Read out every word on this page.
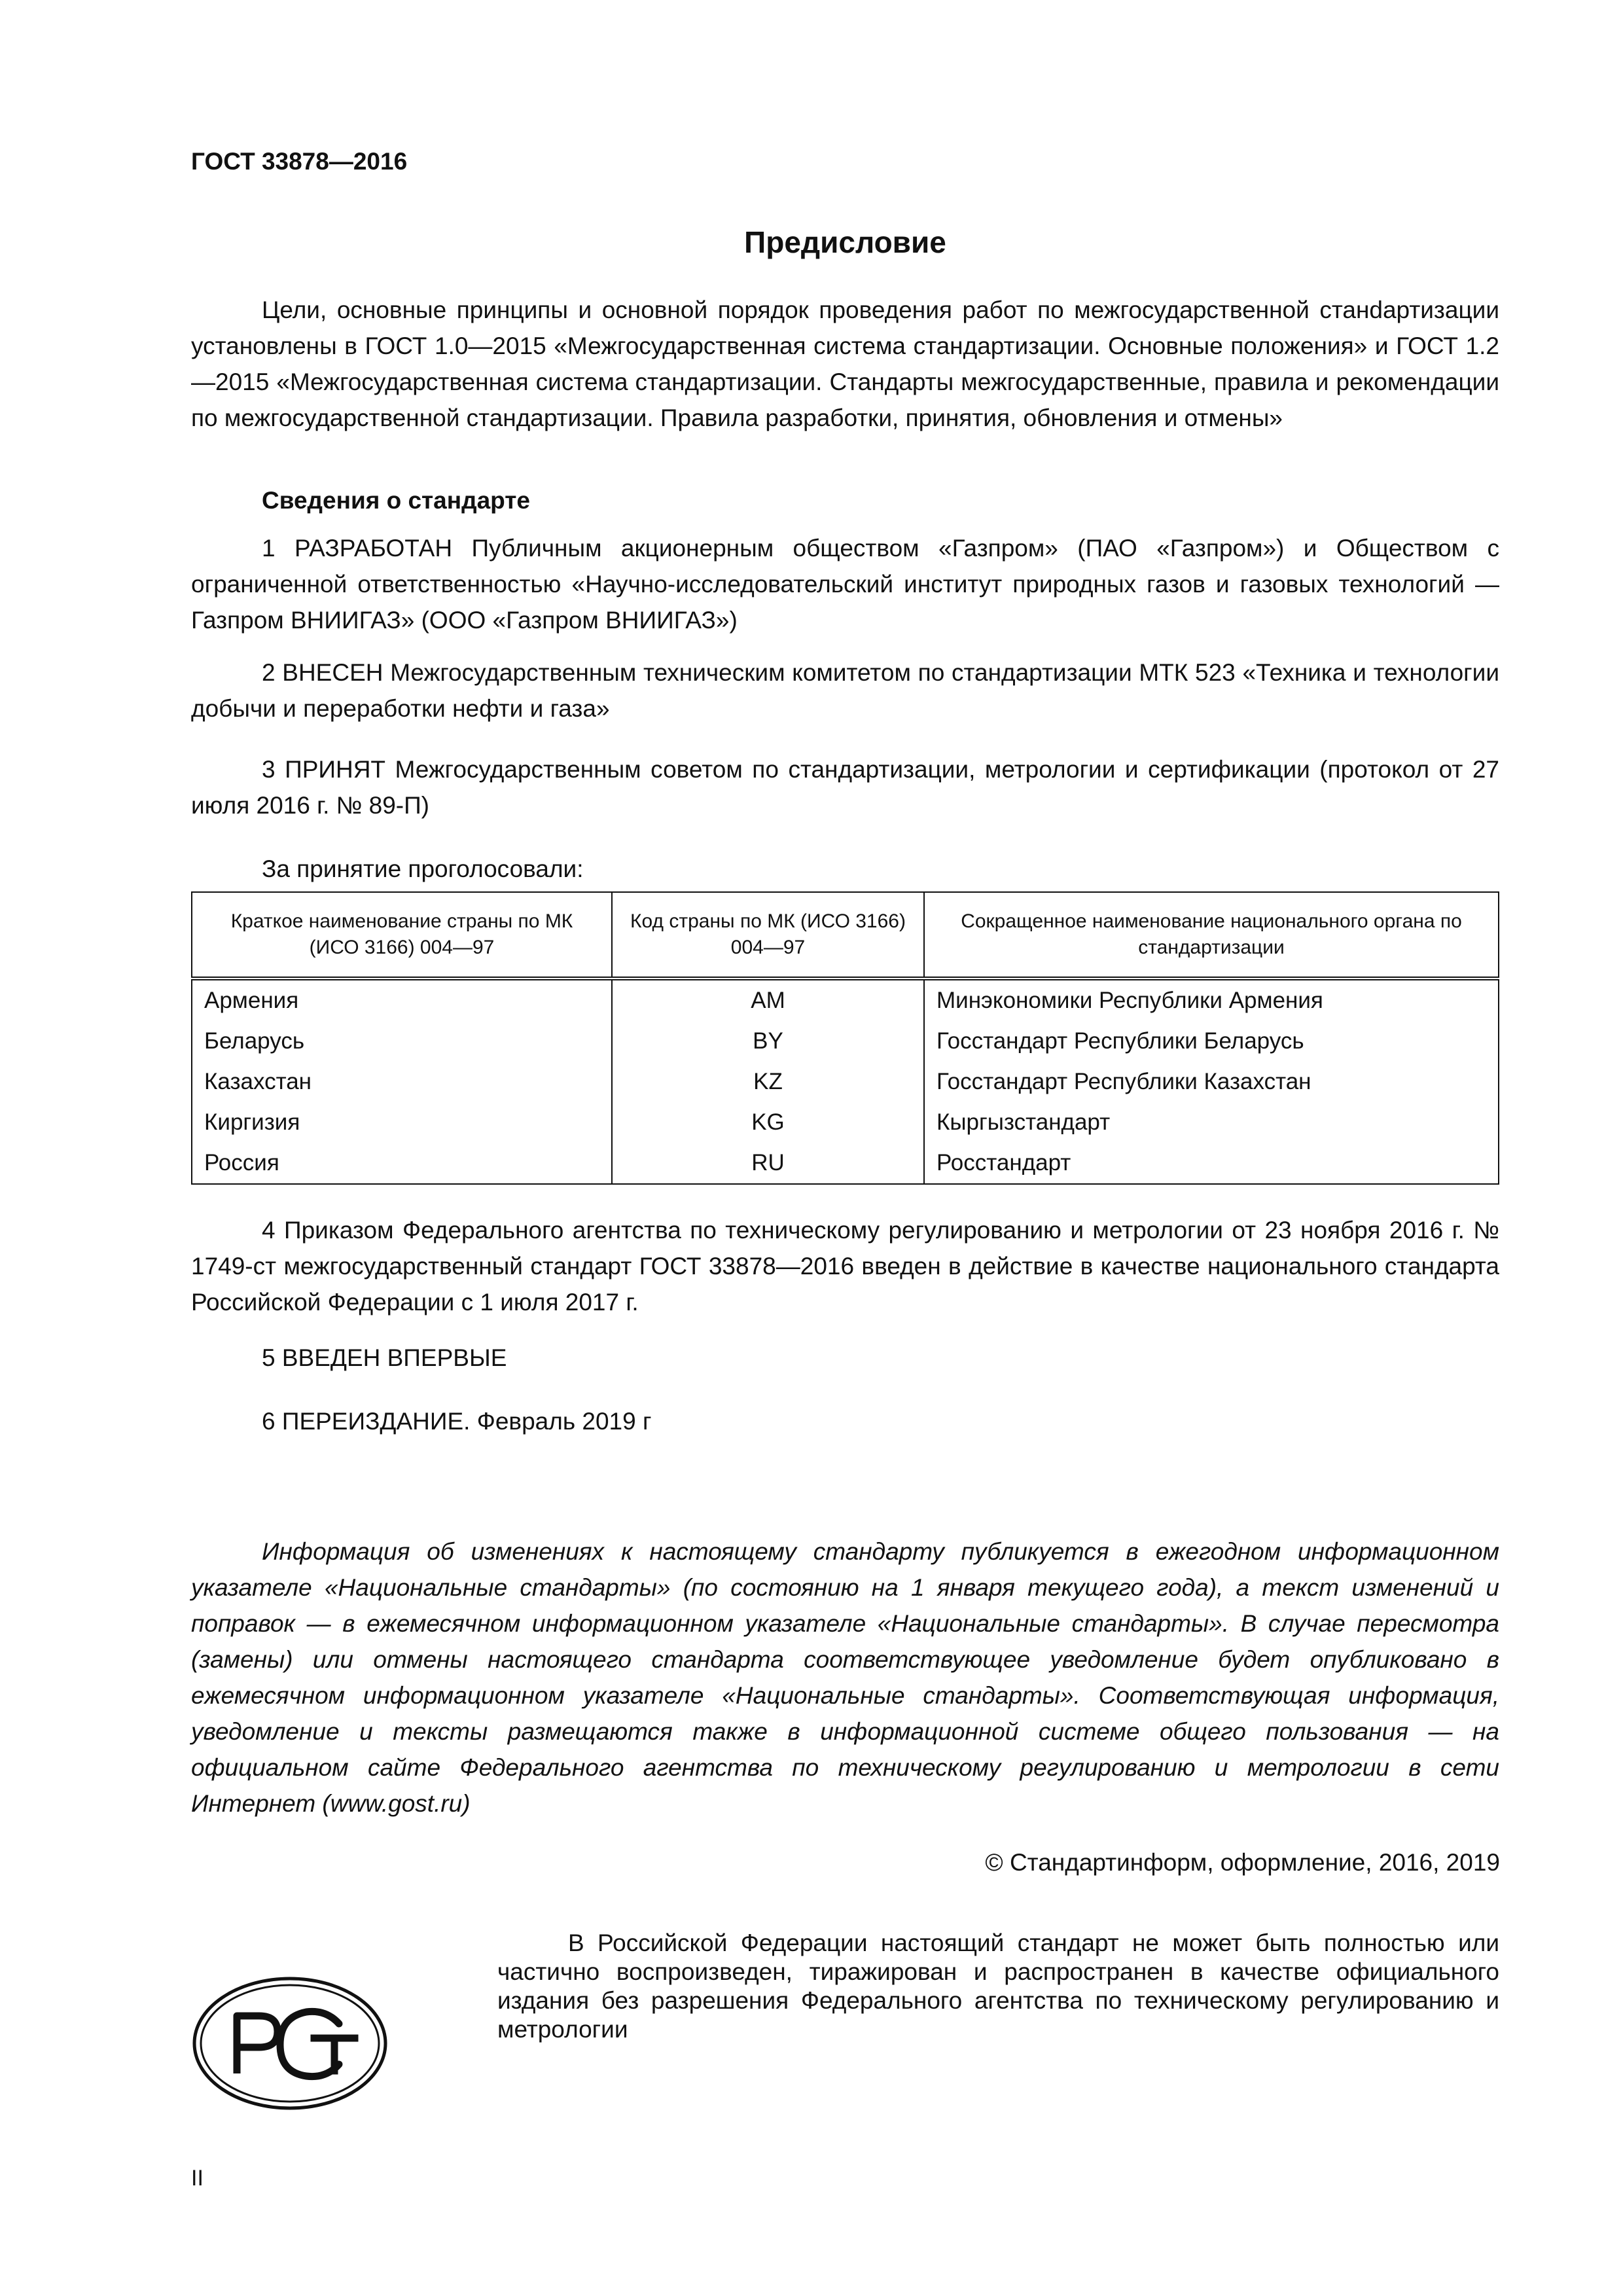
ГОСТ 33878—2016
Предисловие

Цели, основные принципы и основной порядок проведения работ по межгосударственной станdартизации установлены в ГОСТ 1.0—2015 «Межгосударственная система стандартизации. Основные положения» и ГОСТ 1.2—2015 «Межгосударственная система стандартизации. Стандарты межгосударственные, правила и рекомендации по межгосударственной стандартизации. Правила разработки, принятия, обновления и отмены»

Сведения о стандарте

1 РАЗРАБОТАН Публичным акционерным обществом «Газпром» (ПАО «Газпром») и Обществом с ограниченной ответственностью «Научно-исследовательский институт природных газов и газовых технологий — Газпром ВНИИГАЗ» (ООО «Газпром ВНИИГАЗ»)

2 ВНЕСЕН Межгосударственным техническим комитетом по стандартизации МТК 523 «Техника и технологии добычи и переработки нефти и газа»

3 ПРИНЯТ Межгосударственным советом по стандартизации, метрологии и сертификации (протокол от 27 июля 2016 г. № 89-П)

За принятие проголосовали:
Краткое наименование страны по МК (ИСО 3166) 004—97	Код страны по МК (ИСО 3166) 004—97	Сокращенное наименование национального органа по стандартизации
Армения	AM	Минэкономики Республики Армения
Беларусь	BY	Госстандарт Республики Беларусь
Казахстан	KZ	Госстандарт Республики Казахстан
Киргизия	KG	Кыргызстандарт
Россия	RU	Росстандарт

4 Приказом Федерального агентства по техническому регулированию и метрологии от 23 ноября 2016 г. № 1749-ст межгосударственный стандарт ГОСТ 33878—2016 введен в действие в качестве национального стандарта Российской Федерации с 1 июля 2017 г.

5 ВВЕДЕН ВПЕРВЫЕ
6 ПЕРЕИЗДАНИЕ. Февраль 2019 г

Информация об изменениях к настоящему стандарту публикуется в ежегодном информационном указателе «Национальные стандарты» (по состоянию на 1 января текущего года), а текст изменений и поправок — в ежемесячном информационном указателе «Национальные стандарты». В случае пересмотра (замены) или отмены настоящего стандарта соответствующее уведомление будет опубликовано в ежемесячном информационном указателе «Национальные стандарты». Соответствующая информация, уведомление и тексты размещаются также в информационной системе общего пользования — на официальном сайте Федерального агентства по техническому регулированию и метрологии в сети Интернет (www.gost.ru)

© Стандартинформ, оформление, 2016, 2019

В Российской Федерации настоящий стандарт не может быть полностью или частично воспроизведен, тиражирован и распространен в качестве официального издания без разрешения Федерального агентства по техническому регулированию и метрологии

II
